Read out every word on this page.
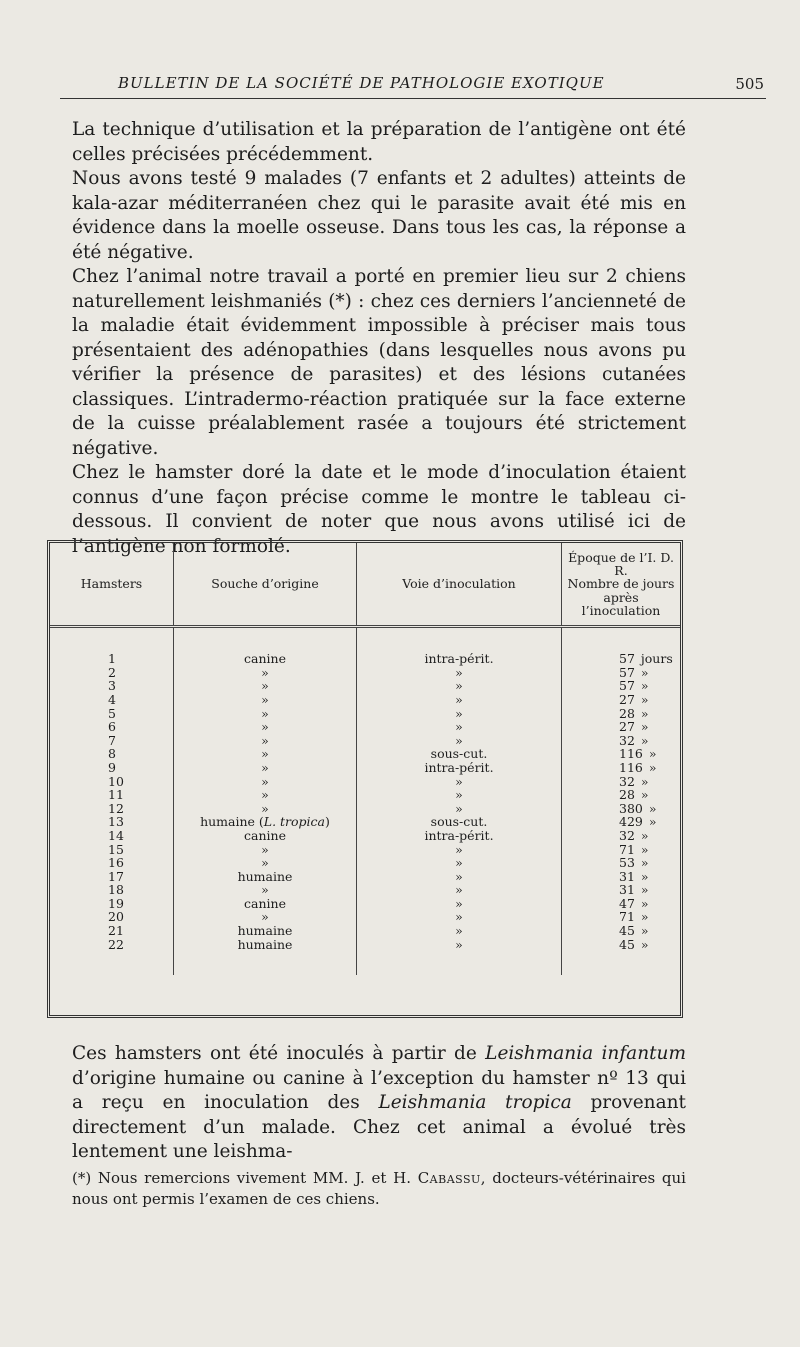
BULLETIN DE LA SOCIÉTÉ DE PATHOLOGIE EXOTIQUE	505

La technique d’utilisation et la préparation de l’antigène ont été celles précisées précédemment.

Nous avons testé 9 malades (7 enfants et 2 adultes) atteints de kala-azar méditerranéen chez qui le parasite avait été mis en évidence dans la moelle osseuse. Dans tous les cas, la réponse a été négative.

Chez l’animal notre travail a porté en premier lieu sur 2 chiens naturellement leishmaniés (*) : chez ces derniers l’ancienneté de la maladie était évidemment impossible à préciser mais tous présentaient des adénopathies (dans lesquelles nous avons pu vérifier la présence de parasites) et des lésions cutanées classiques. L’intradermo-réaction pratiquée sur la face externe de la cuisse préalablement rasée a toujours été strictement négative.

Chez le hamster doré la date et le mode d’inoculation étaient connus d’une façon précise comme le montre le tableau ci-dessous. Il convient de noter que nous avons utilisé ici de l’antigène non formolé.

Hamsters	Souche d’origine	Voie d’inoculation	Époque de l’I. D. R.
Nombre de jours
après l’inoculation

1	canine	intra-périt.	57 jours
2	»	»	57 »
3	»	»	57 »
4	»	»	27 »
5	»	»	28 »
6	»	»	27 »
7	»	»	32 »
8	»	sous-cut.	116 »
9	»	intra-périt.	116 »
10	»	»	32 »
11	»	»	28 »
12	»	»	380 »
13	humaine (L. tropica)	sous-cut.	429 »
14	canine	intra-périt.	32 »
15	»	»	71 »
16	»	»	53 »
17	humaine	»	31 »
18	»	»	31 »
19	canine	»	47 »
20	»	»	71 »
21	humaine	»	45 »
22	humaine	»	45 »

Ces hamsters ont été inoculés à partir de Leishmania infantum d’origine humaine ou canine à l’exception du hamster nº 13 qui a reçu en inoculation des Leishmania tropica provenant directement d’un malade. Chez cet animal a évolué très lentement une leishma-

(*) Nous remercions vivement MM. J. et H. Cabassu, docteurs-vétérinaires qui nous ont permis l’examen de ces chiens.
